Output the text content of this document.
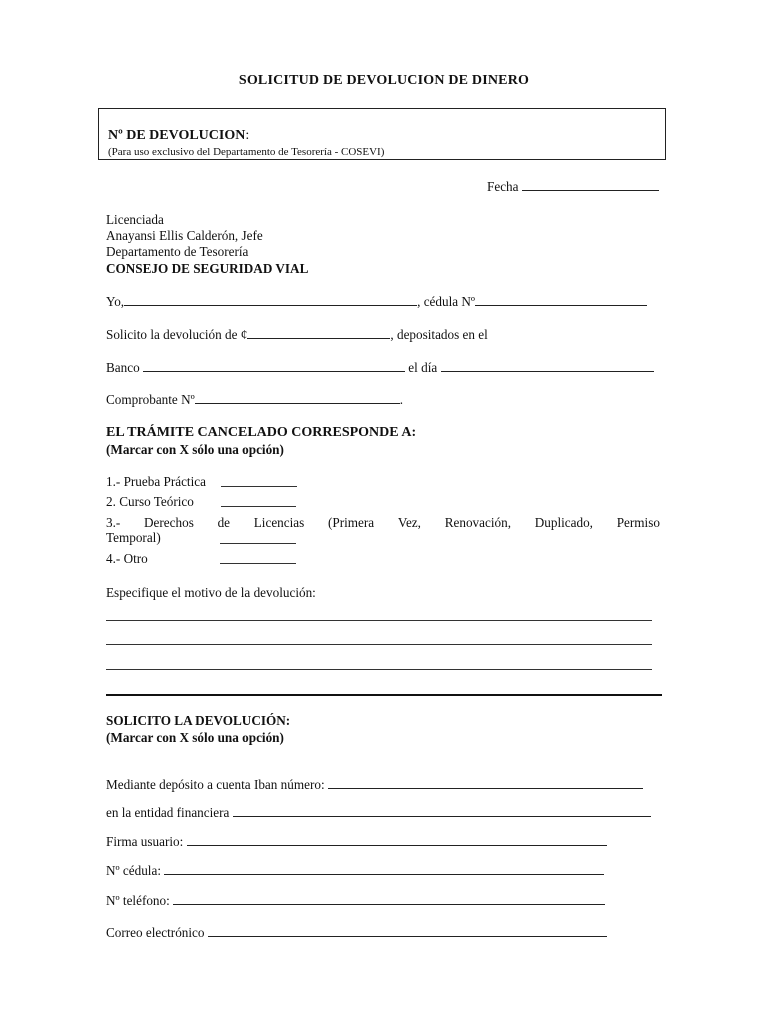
SOLICITUD DE DEVOLUCION DE DINERO
Nº DE DEVOLUCION:
(Para uso exclusivo del Departamento de Tesorería - COSEVI)
Fecha
Licenciada
Anayansi Ellis Calderón, Jefe
Departamento de Tesorería
CONSEJO DE SEGURIDAD VIAL
Yo,	, cédula Nº
Solicito la devolución de ¢	, depositados en el
Banco	el día
Comprobante Nº	.
EL TRÁMITE CANCELADO CORRESPONDE A:
(Marcar con X sólo una opción)
1.- Prueba Práctica
2. Curso Teórico
3.- Derechos de Licencias (Primera Vez, Renovación, Duplicado, Permiso
Temporal)
4.- Otro
Especifique el motivo de la devolución:
SOLICITO LA DEVOLUCIÓN:
(Marcar con X sólo una opción)
Mediante depósito a cuenta Iban número:
en la entidad financiera
Firma usuario:
Nº cédula:
Nº teléfono:
Correo electrónico
